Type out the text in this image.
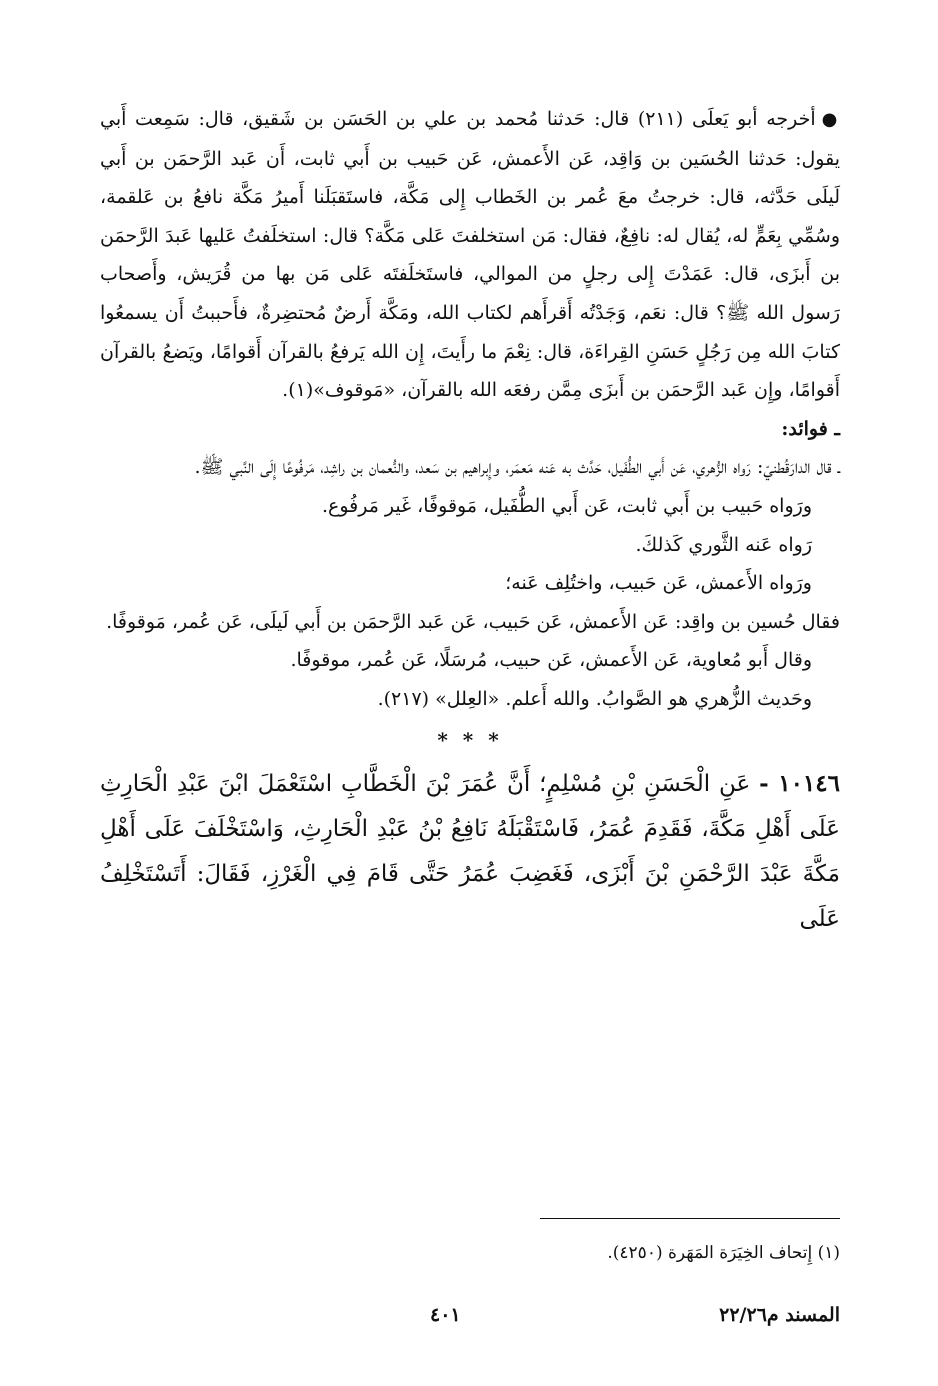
●أخرجه أبو يَعلَى (٢١١) قال: حَدثنا مُحمد بن علي بن الحَسَن بن شَقيق، قال: سَمِعت أَبي يقول: حَدثنا الحُسَين بن وَاقِد، عَن الأَعمش، عَن حَبيب بن أَبي ثابت، أَن عَبد الرَّحمَن بن أَبي لَيلَى حَدَّثه، قال: خرجتُ معَ عُمر بن الخَطاب إِلى مَكَّة، فاستَقبَلَنا أَميرُ مَكَّة نافعُ بن عَلقمة، وسُمِّي بِعَمٍّ له، يُقال له: نافِعٌ، فقال: مَن استخلفتَ عَلى مَكَّة؟ قال: استخلَفتُ عَليها عَبدَ الرَّحمَن بن أَبزَى، قال: عَمَدْتَ إِلى رجلٍ من الموالي، فاستَخلَفتَه عَلى مَن بها من قُرَيش، وأَصحاب رَسول الله ﷺ؟ قال: نعَم، وَجَدْتُه أَقرأَهم لكتاب الله، ومَكَّة أَرضٌ مُحتضِرةٌ، فأَحببتُ أَن يسمعُوا كتابَ الله مِن رَجُلٍ حَسَنِ القِراءَة، قال: نِعْمَ ما رأَيتَ، إِن الله يَرفعُ بالقرآن أَقوامًا، ويَضعُ بالقرآن أَقوامًا، وإِن عَبد الرَّحمَن بن أَبزَى مِمَّن رفعَه الله بالقرآن، «مَوقوف»(١).

ـ فوائد:

ـ قال الدارَقُطنيّ: رَواه الزُّهري، عَن أَبي الطُّفَيل، حَدَّث به عَنه مَعمَر، وإِبراهيم بن سَعد، والنُّعمان بن راشِد، مَرفُوعًا إِلَى النَّبي ﷺ.

ورَواه حَبيب بن أَبي ثابت، عَن أَبي الطُّفَيل، مَوقوفًا، غَير مَرفُوع.

رَواه عَنه الثَّوري كَذلكَ.

ورَواه الأَعمش، عَن حَبيب، واختُلِف عَنه؛

فقال حُسين بن واقِد: عَن الأَعمش، عَن حَبيب، عَن عَبد الرَّحمَن بن أَبي لَيلَى، عَن عُمر، مَوقوفًا.

وقال أَبو مُعاوية، عَن الأَعمش، عَن حبيب، مُرسَلًا، عَن عُمر، موقوفًا.

وحَديث الزُّهري هو الصَّوابُ. والله أَعلم. «العِلل» (٢١٧).

* * *

١٠١٤٦ - عَنِ الْحَسَنِ بْنِ مُسْلِمٍ؛ أَنَّ عُمَرَ بْنَ الْخَطَّابِ اسْتَعْمَلَ ابْنَ عَبْدِ الْحَارِثِ عَلَى أَهْلِ مَكَّةَ، فَقَدِمَ عُمَرُ، فَاسْتَقْبَلَهُ نَافِعُ بْنُ عَبْدِ الْحَارِثِ، وَاسْتَخْلَفَ عَلَى أَهْلِ مَكَّةَ عَبْدَ الرَّحْمَنِ بْنَ أَبْزَى، فَغَضِبَ عُمَرُ حَتَّى قَامَ فِي الْغَرْزِ، فَقَالَ: أَتَسْتَخْلِفُ عَلَى

(١) إِتحاف الخِيَرَة المَهَرة (٤٢٥٠).
المسند م٢٢/٢٦
٤٠١
